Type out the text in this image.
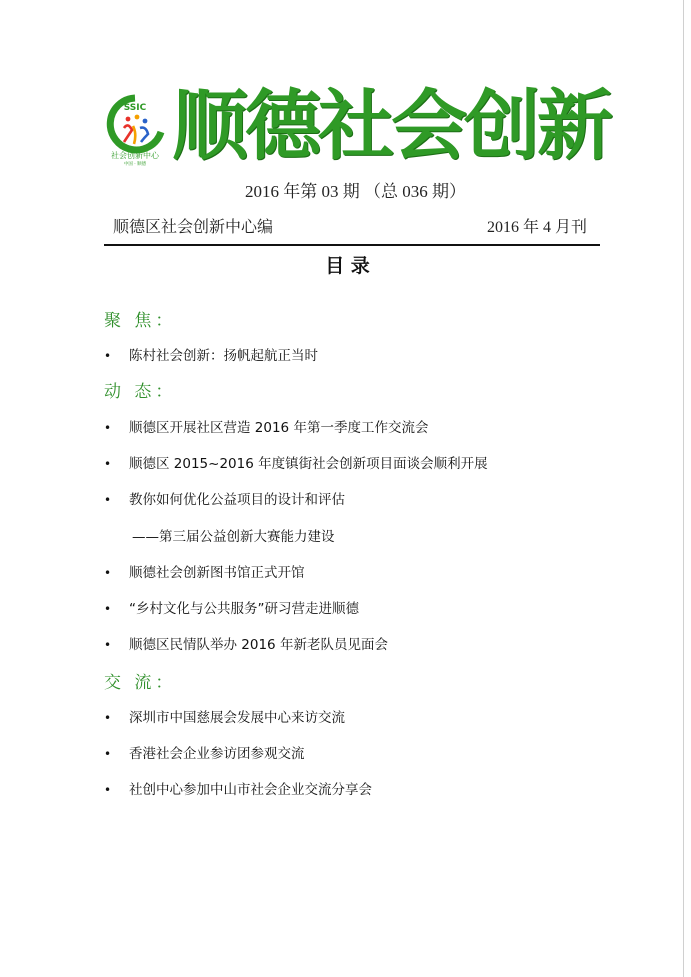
SSIC
社会创新中心
中国 · 顺德 顺德社会创新
2016 年第 03 期 （总 036 期）
顺德区社会创新中心编	2016 年 4 月刊
目 录
聚 焦：
• 陈村社会创新：扬帆起航正当时
动 态：
• 顺德区开展社区营造 2016 年第一季度工作交流会
• 顺德区 2015~2016 年度镇街社会创新项目面谈会顺利开展
• 教你如何优化公益项目的设计和评估
——第三届公益创新大赛能力建设
• 顺德社会创新图书馆正式开馆
• “乡村文化与公共服务”研习营走进顺德
• 顺德区民情队举办 2016 年新老队员见面会
交 流：
• 深圳市中国慈展会发展中心来访交流
• 香港社会企业参访团参观交流
• 社创中心参加中山市社会企业交流分享会
